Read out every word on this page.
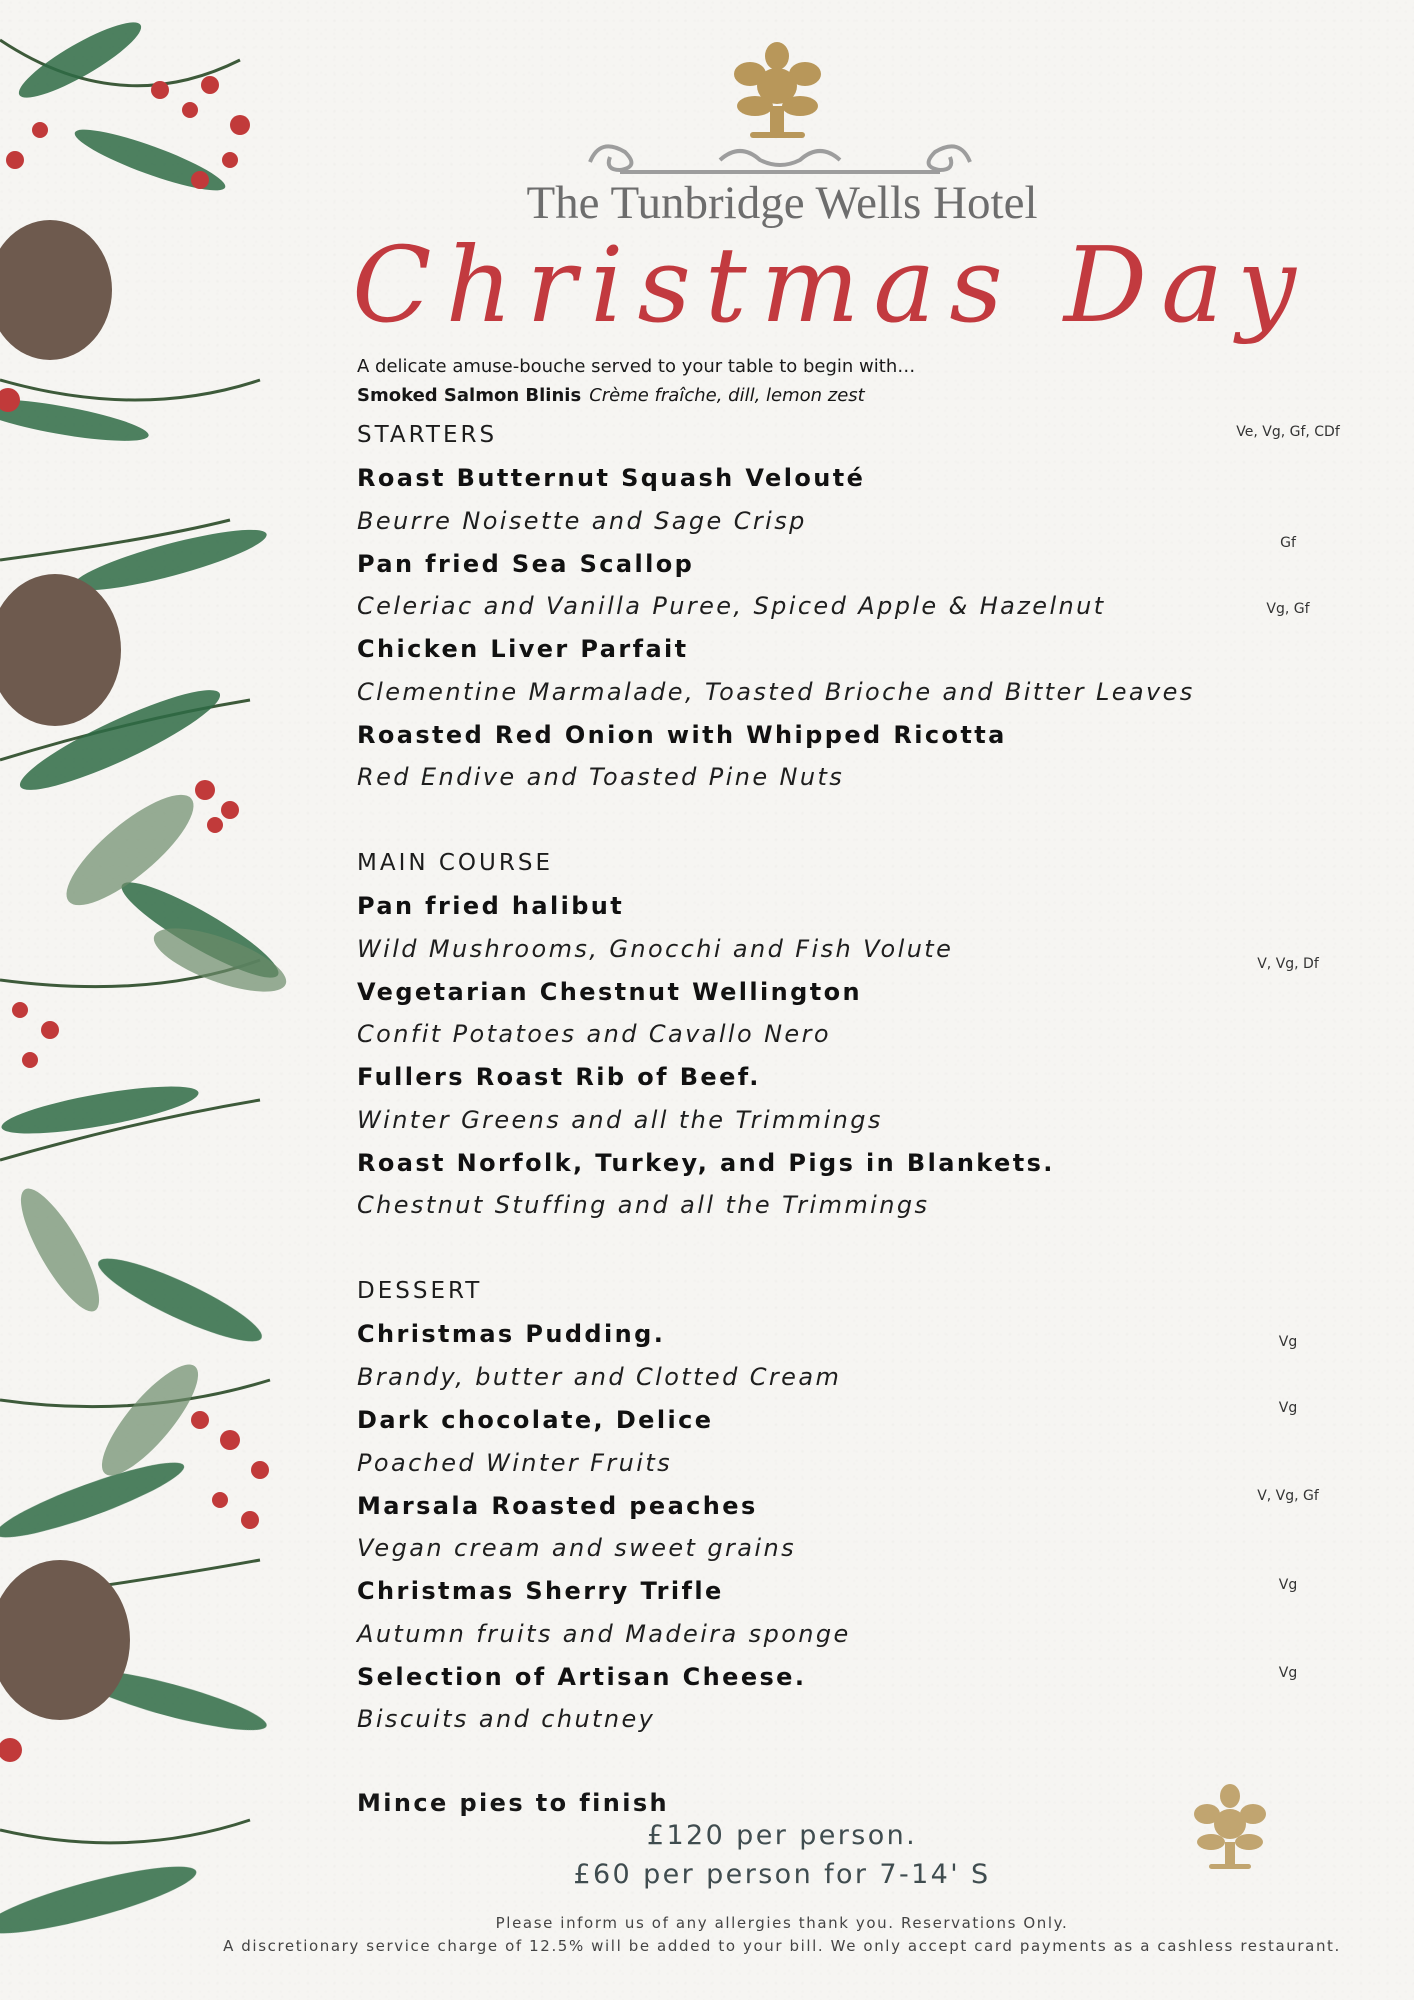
The Tunbridge Wells Hotel
Christmas Day
A delicate amuse-bouche served to your table to begin with…
Smoked Salmon Blinis Crème fraîche, dill, lemon zest
STARTERS	Ve, Vg, Gf, CDf
Roast Butternut Squash Velouté
Beurre Noisette and Sage Crisp
Gf
Pan fried Sea Scallop
Celeriac and Vanilla Puree, Spiced Apple & Hazelnut	Vg, Gf
Chicken Liver Parfait
Clementine Marmalade, Toasted Brioche and Bitter Leaves
Roasted Red Onion with Whipped Ricotta
Red Endive and Toasted Pine Nuts
MAIN COURSE
Pan fried halibut
Wild Mushrooms, Gnocchi and Fish Volute
V, Vg, Df
Vegetarian Chestnut Wellington
Confit Potatoes and Cavallo Nero
Fullers Roast Rib of Beef.
Winter Greens and all the Trimmings
Roast Norfolk, Turkey, and Pigs in Blankets.
Chestnut Stuffing and all the Trimmings
DESSERT
Christmas Pudding.	Vg
Brandy, butter and Clotted Cream
Vg
Dark chocolate, Delice
Poached Winter Fruits
V, Vg, Gf
Marsala Roasted peaches
Vegan cream and sweet grains
Vg
Christmas Sherry Trifle
Autumn fruits and Madeira sponge
Vg
Selection of Artisan Cheese.
Biscuits and chutney
Mince pies to finish
£120 per person.
£60 per person for 7-14' S
Please inform us of any allergies thank you. Reservations Only.
A discretionary service charge of 12.5% will be added to your bill. We only accept card payments as a cashless restaurant.
